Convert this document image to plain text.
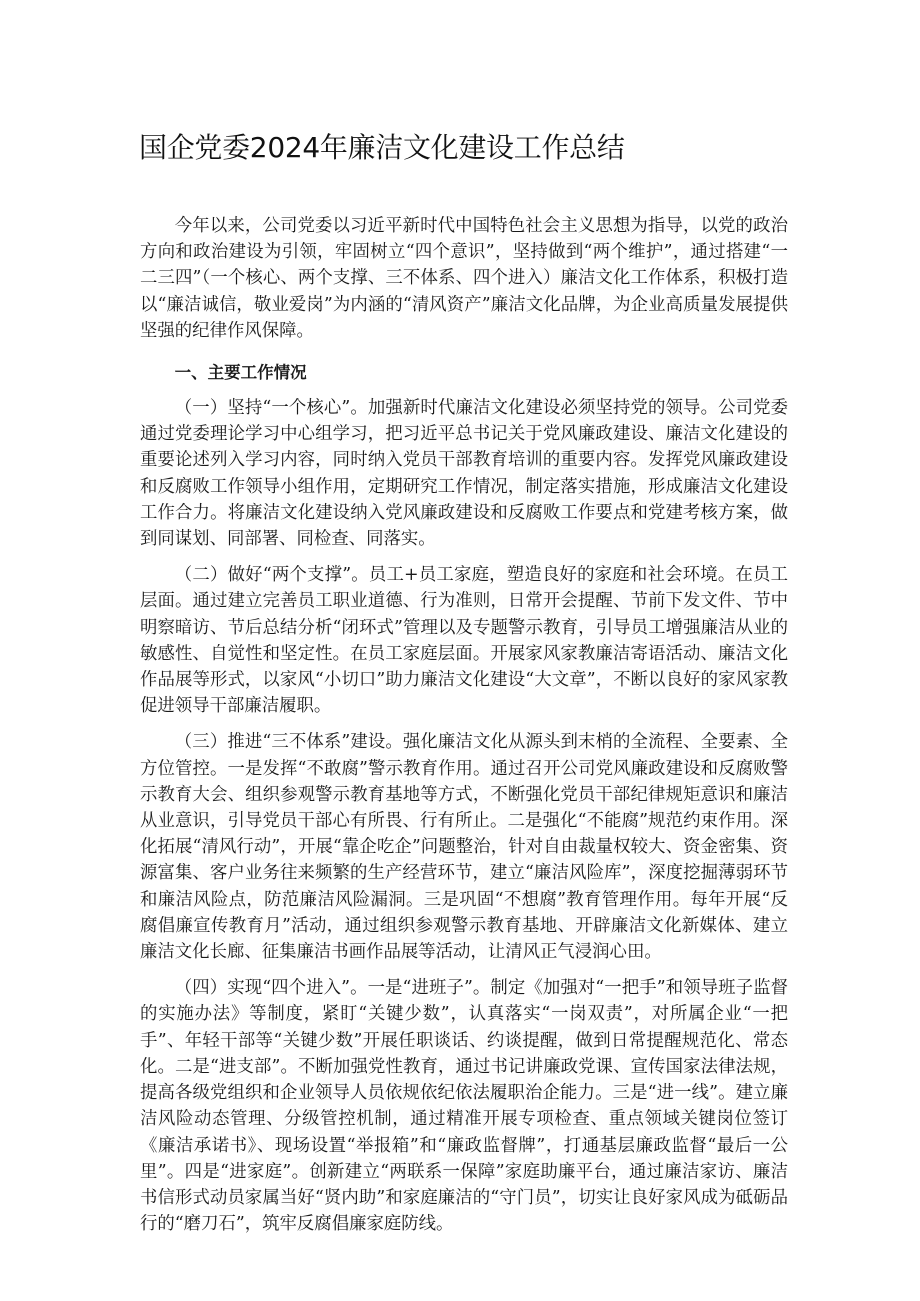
国企党委2024年廉洁文化建设工作总结

今年以来，公司党委以习近平新时代中国特色社会主义思想为指导，以党的政治方向和政治建设为引领，牢固树立“四个意识”，坚持做到“两个维护”，通过搭建“一二三四”（一个核心、两个支撑、三不体系、四个进入）廉洁文化工作体系，积极打造以“廉洁诚信，敬业爱岗”为内涵的“清风资产”廉洁文化品牌，为企业高质量发展提供坚强的纪律作风保障。

一、主要工作情况

（一）坚持“一个核心”。加强新时代廉洁文化建设必须坚持党的领导。公司党委通过党委理论学习中心组学习，把习近平总书记关于党风廉政建设、廉洁文化建设的重要论述列入学习内容，同时纳入党员干部教育培训的重要内容。发挥党风廉政建设和反腐败工作领导小组作用，定期研究工作情况，制定落实措施，形成廉洁文化建设工作合力。将廉洁文化建设纳入党风廉政建设和反腐败工作要点和党建考核方案，做到同谋划、同部署、同检查、同落实。

（二）做好“两个支撑”。员工+员工家庭，塑造良好的家庭和社会环境。在员工层面。通过建立完善员工职业道德、行为准则，日常开会提醒、节前下发文件、节中明察暗访、节后总结分析“闭环式”管理以及专题警示教育，引导员工增强廉洁从业的敏感性、自觉性和坚定性。在员工家庭层面。开展家风家教廉洁寄语活动、廉洁文化作品展等形式，以家风“小切口”助力廉洁文化建设“大文章”，不断以良好的家风家教促进领导干部廉洁履职。

（三）推进“三不体系”建设。强化廉洁文化从源头到末梢的全流程、全要素、全方位管控。一是发挥“不敢腐”警示教育作用。通过召开公司党风廉政建设和反腐败警示教育大会、组织参观警示教育基地等方式，不断强化党员干部纪律规矩意识和廉洁从业意识，引导党员干部心有所畏、行有所止。二是强化“不能腐”规范约束作用。深化拓展“清风行动”，开展“靠企吃企”问题整治，针对自由裁量权较大、资金密集、资源富集、客户业务往来频繁的生产经营环节，建立“廉洁风险库”，深度挖掘薄弱环节和廉洁风险点，防范廉洁风险漏洞。三是巩固“不想腐”教育管理作用。每年开展“反腐倡廉宣传教育月”活动，通过组织参观警示教育基地、开辟廉洁文化新媒体、建立廉洁文化长廊、征集廉洁书画作品展等活动，让清风正气浸润心田。

（四）实现“四个进入”。一是“进班子”。制定《加强对“一把手”和领导班子监督的实施办法》等制度，紧盯“关键少数”，认真落实“一岗双责”，对所属企业“一把手”、年轻干部等“关键少数”开展任职谈话、约谈提醒，做到日常提醒规范化、常态化。二是“进支部”。不断加强党性教育，通过书记讲廉政党课、宣传国家法律法规，提高各级党组织和企业领导人员依规依纪依法履职治企能力。三是“进一线”。建立廉洁风险动态管理、分级管控机制，通过精准开展专项检查、重点领域关键岗位签订《廉洁承诺书》、现场设置“举报箱”和“廉政监督牌”，打通基层廉政监督“最后一公里”。四是“进家庭”。创新建立“两联系一保障”家庭助廉平台，通过廉洁家访、廉洁书信形式动员家属当好“贤内助”和家庭廉洁的“守门员”，切实让良好家风成为砥砺品行的“磨刀石”，筑牢反腐倡廉家庭防线。
